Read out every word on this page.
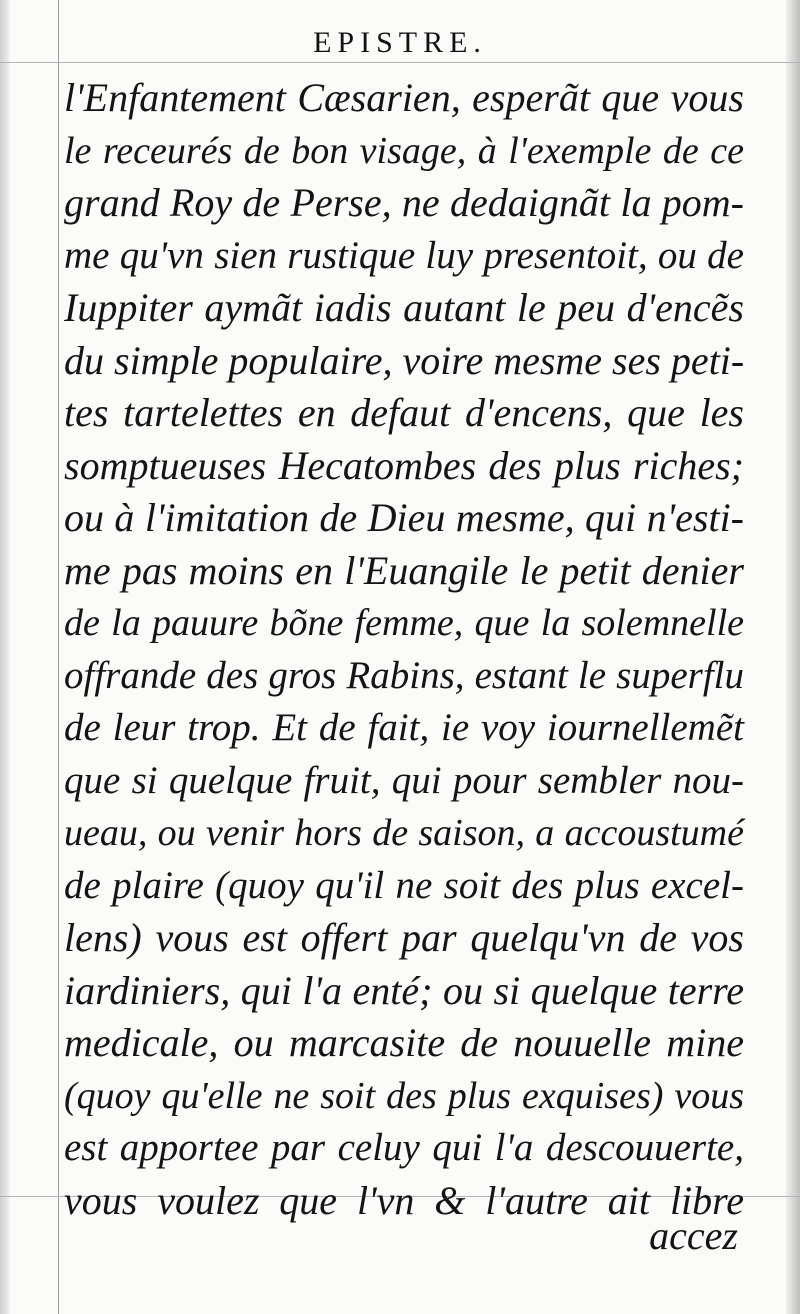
EPISTRE.
l'Enfantement Cæsarien, esperãt que vous
le receurés de bon visage, à l'exemple de ce
grand Roy de Perse, ne dedaignãt la pom-
me qu'vn sien rustique luy presentoit, ou de
Iuppiter aymãt iadis autant le peu d'encẽs
du simple populaire, voire mesme ses peti-
tes tartelettes en defaut d'encens, que les
somptueuses Hecatombes des plus riches;
ou à l'imitation de Dieu mesme, qui n'esti-
me pas moins en l'Euangile le petit denier
de la pauure bõne femme, que la solemnelle
offrande des gros Rabins, estant le superflu
de leur trop. Et de fait, ie voy iournellemẽt
que si quelque fruit, qui pour sembler nou-
ueau, ou venir hors de saison, a accoustumé
de plaire (quoy qu'il ne soit des plus excel-
lens) vous est offert par quelqu'vn de vos
iardiniers, qui l'a enté; ou si quelque terre
medicale, ou marcasite de nouuelle mine
(quoy qu'elle ne soit des plus exquises) vous
est apportee par celuy qui l'a descouuerte,
vous voulez que l'vn & l'autre ait libre
accez
